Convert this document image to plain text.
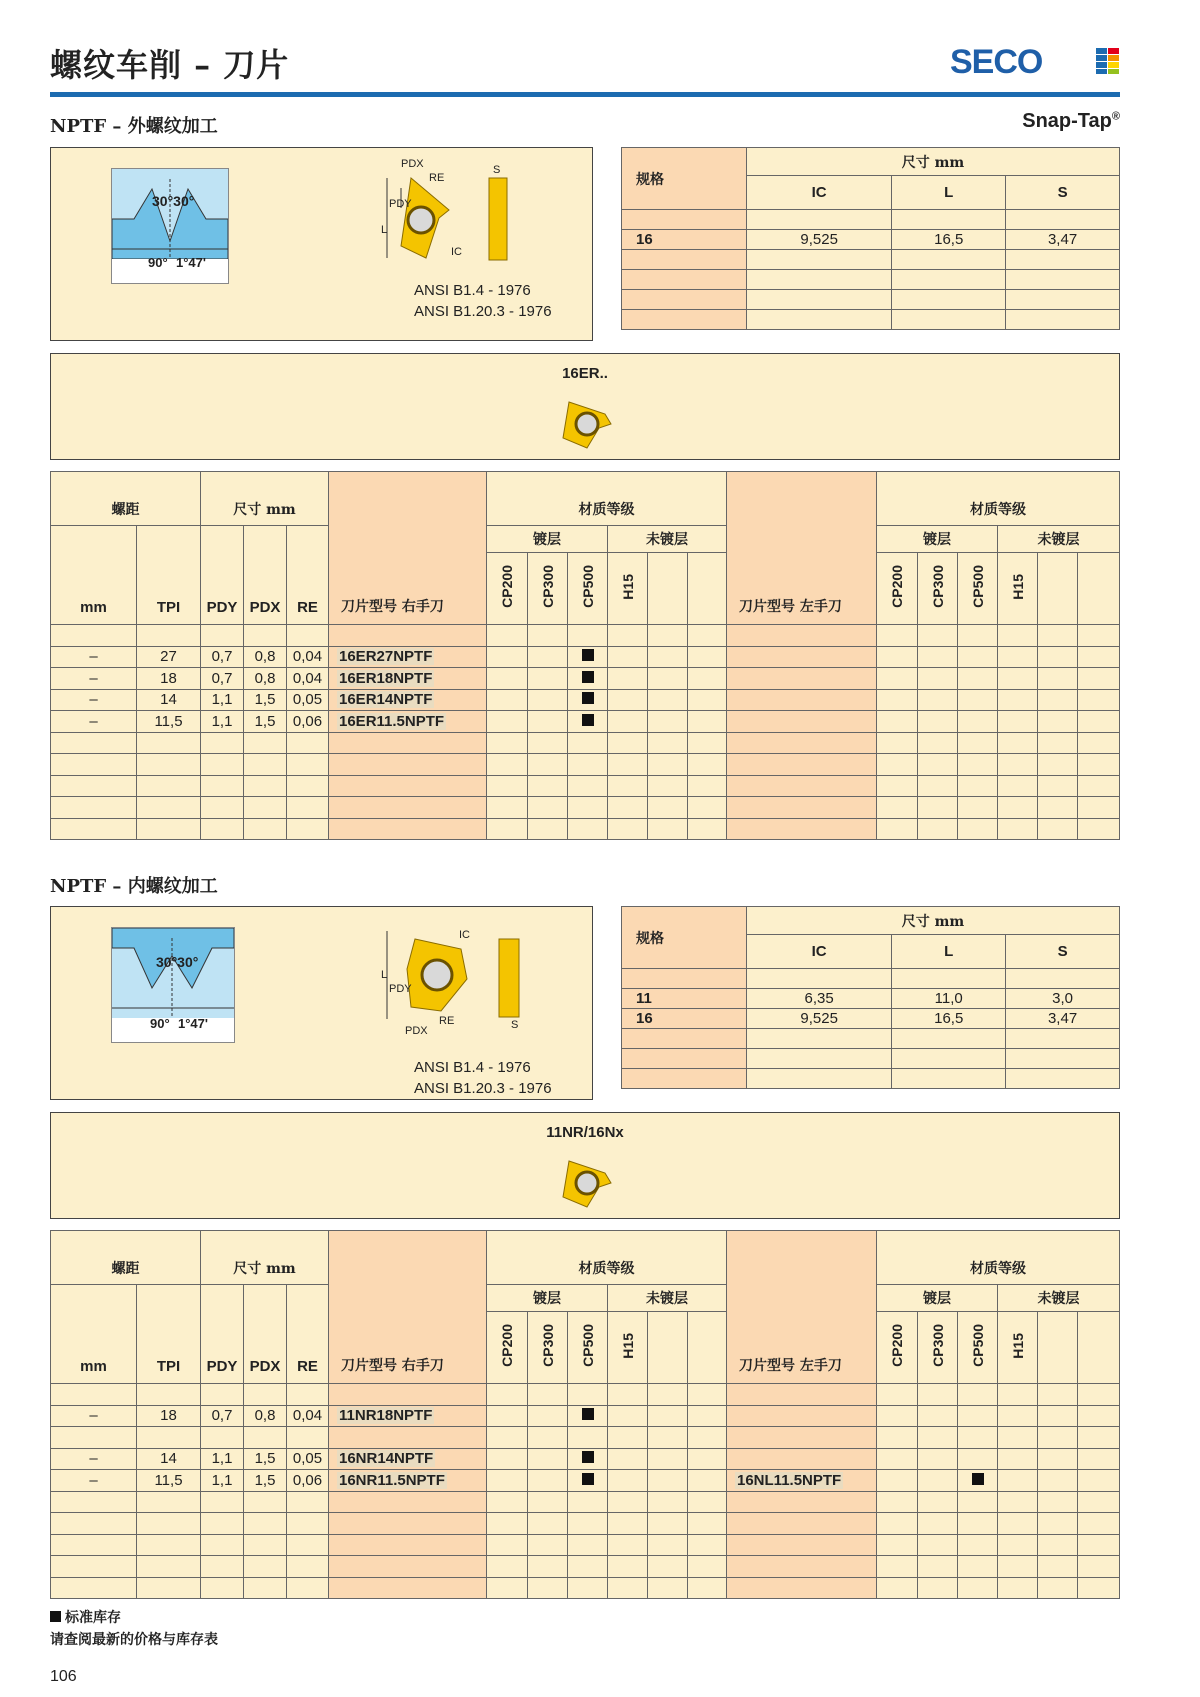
螺纹车削 – 刀片	SECO
NPTF – 外螺纹加工	Snap-Tap®
30°30°
90° 1°47'
PDX
RE
S
PDY
L
IC
ANSI B1.4 - 1976
ANSI B1.20.3 - 1976
规格	尺寸 mm		
	IC	L	S

16	9,525	16,5	3,47

16ER..
螺距		尺寸 mm			刀片型号 右手刀	材质等级						刀片型号 左手刀	材质等级					
mm	TPI	PDY	PDX	RE		镀层			未镀层				镀层			未镀层		
						CP200	CP300	CP500	H15				CP200	CP300	CP500	H15		

–	27	0,7	0,8	0,04	16ER27NPTF													
–	18	0,7	0,8	0,04	16ER18NPTF													
–	14	1,1	1,5	0,05	16ER14NPTF													
–	11,5	1,1	1,5	0,06	16ER11.5NPTF													

NPTF – 内螺纹加工
30°30°
90° 1°47'
IC
L
PDY
RE	S
PDX
ANSI B1.4 - 1976
ANSI B1.20.3 - 1976
规格	尺寸 mm		
	IC	L	S

11	6,35	11,0	3,0
16	9,525	16,5	3,47

11NR/16Nx
螺距		尺寸 mm			刀片型号 右手刀	材质等级						刀片型号 左手刀	材质等级					
mm	TPI	PDY	PDX	RE		镀层			未镀层				镀层			未镀层		
						CP200	CP300	CP500	H15				CP200	CP300	CP500	H15		

–	18	0,7	0,8	0,04	11NR18NPTF													

–	14	1,1	1,5	0,05	16NR14NPTF													
–	11,5	1,1	1,5	0,06	16NR11.5NPTF							16NL11.5NPTF						

标准库存
请查阅最新的价格与库存表
106
